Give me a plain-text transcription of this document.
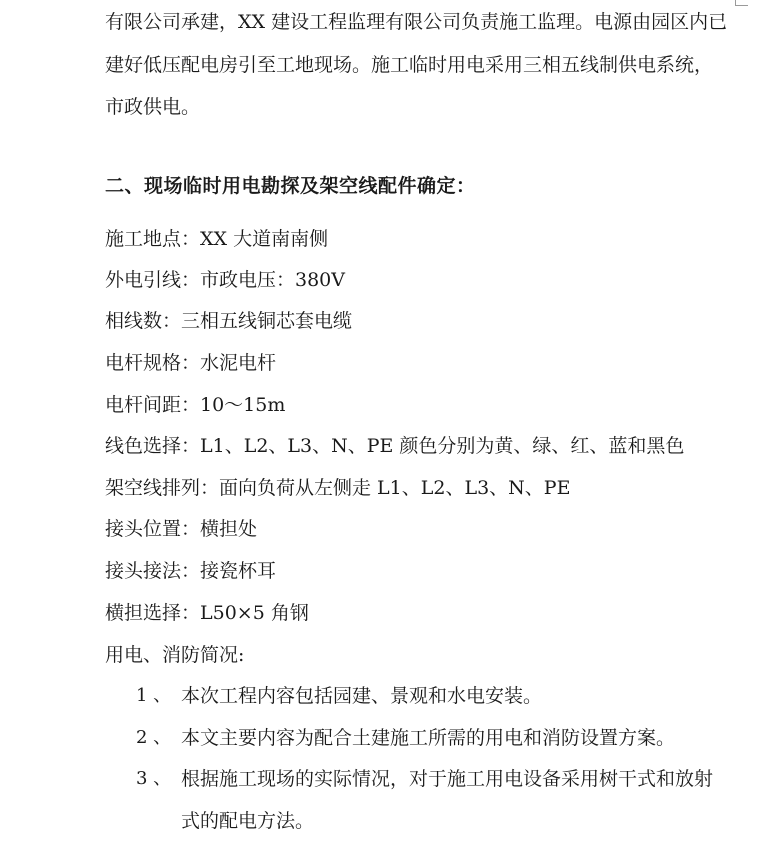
有限公司承建，XX 建设工程监理有限公司负责施工监理。电源由园区内已
建好低压配电房引至工地现场。施工临时用电采用三相五线制供电系统，
市政供电。
二、现场临时用电勘探及架空线配件确定：
施工地点：XX 大道南南侧
外电引线：市政电压：380V
相线数：三相五线铜芯套电缆
电杆规格：水泥电杆
电杆间距：10～15m
线色选择：L1、L2、L3、N、PE 颜色分别为黄、绿、红、蓝和黑色
架空线排列：面向负荷从左侧走 L1、L2、L3、N、PE
接头位置：横担处
接头接法：接瓷杯耳
横担选择：L50×5 角钢
用电、消防简况:
1 、 本次工程内容包括园建、景观和水电安装。
2 、 本文主要内容为配合土建施工所需的用电和消防设置方案。
3 、 根据施工现场的实际情况，对于施工用电设备采用树干式和放射
式的配电方法。
